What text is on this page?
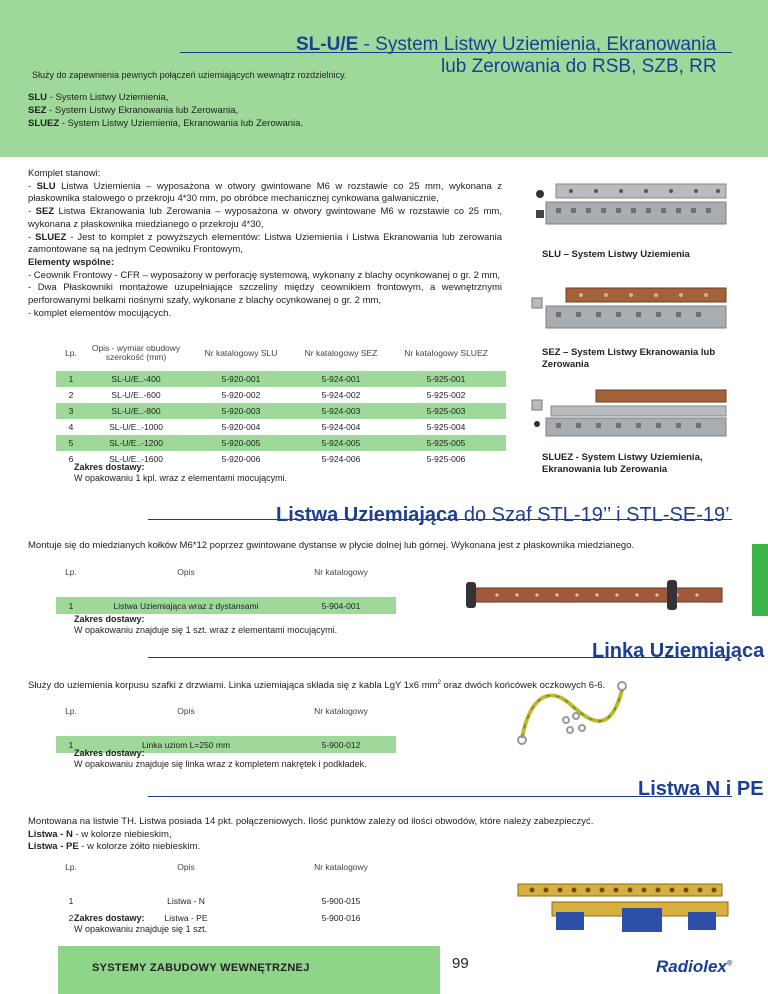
SL-U/E - System Listwy Uziemienia, Ekranowania
lub Zerowania do RSB, SZB, RR
Służy do zapewnienia pewnych połączeń uziemiających wewnątrz rozdzielnicy.
SLU - System Listwy Uziemienia,
SEZ - System Listwy Ekranowania lub Zerowania,
SLUEZ - System Listwy Uziemienia, Ekranowania lub Zerowania.
Komplet stanowi:
- SLU Listwa Uziemienia – wyposażona w otwory gwintowane M6 w rozstawie co 25 mm, wykonana z płaskownika stalowego o przekroju 4*30 mm, po obróbce mechanicznej cynkowana galwanicznie,
- SEZ Listwa Ekranowania lub Zerowania – wyposażona w otwory gwintowane M6 w rozstawie co 25 mm, wykonana z płaskownika miedzianego o przekroju 4*30,
- SLUEZ - Jest to komplet z powyższych elementów: Listwa Uziemienia i Listwa Ekranowania lub zerowania zamontowane są na jednym Ceowniku Frontowym,
Elementy wspólne:
- Ceownik Frontowy - CFR – wyposażony w perforację systemową, wykonany z blachy ocynkowanej o gr. 2 mm,
- Dwa Płaskowniki montażowe uzupełniające szczeliny między ceownikiem frontowym, a wewnętrznymi perforowanymi belkami nośnymi szafy, wykonane z blachy ocynkowanej o gr. 2 mm,
- komplet elementów mocujących.
SLU – System Listwy Uziemienia
SEZ – System Listwy Ekranowania lub Zerowania
SLUEZ - System Listwy Uziemienia, Ekranowania lub Zerowania
Lp.	Opis - wymiar obudowy szerokość (mm)	Nr katalogowy SLU	Nr katalogowy SEZ	Nr katalogowy SLUEZ
1	SL-U/E..-400	5-920-001	5-924-001	5-925-001
2	SL-U/E..-600	5-920-002	5-924-002	5-925-002
3	SL-U/E..-800	5-920-003	5-924-003	5-925-003
4	SL-U/E..-1000	5-920-004	5-924-004	5-925-004
5	SL-U/E..-1200	5-920-005	5-924-005	5-925-005
6	SL-U/E..-1600	5-920-006	5-924-006	5-925-006
Zakres dostawy:
W opakowaniu 1 kpl. wraz z elementami mocującymi.
Listwa Uziemiająca do Szaf STL-19’’ i STL-SE-19’
Montuje się do miedzianych kołków M6*12 poprzez gwintowane dystanse w płycie dolnej lub górnej. Wykonana jest z płaskownika miedzianego.
Lp.	Opis	Nr katalogowy

1	Listwa Uziemiająca wraz z dystansami	5-904-001
Zakres dostawy:
W opakowaniu znajduje się 1 szt. wraz z elementami mocującymi.
Linka Uziemiająca
Służy do uziemienia korpusu szafki z drzwiami. Linka uziemiająca składa się z kabla LgY 1x6 $mm^2$ oraz dwóch końcówek oczkowych 6-6.
Lp.	Opis	Nr katalogowy

1	Linka uziom L=250 mm	5-900-012
Zakres dostawy:
W opakowaniu znajduje się linka wraz z kompletem nakrętek i podkładek.
Listwa N i PE
Montowana na listwie TH. Listwa posiada 14 pkt. połączeniowych. Ilość punktów zależy od ilości obwodów, które należy zabezpieczyć.
Listwa - N - w kolorze niebieskim,
Listwa - PE - w kolorze żółto niebieskim.
Lp.	Opis	Nr katalogowy

1	Listwa - N	5-900-015
2	Listwa - PE	5-900-016
Zakres dostawy:
W opakowaniu znajduje się 1 szt.
SYSTEMY ZABUDOWY WEWNĘTRZNEJ	99	Radiolex®
